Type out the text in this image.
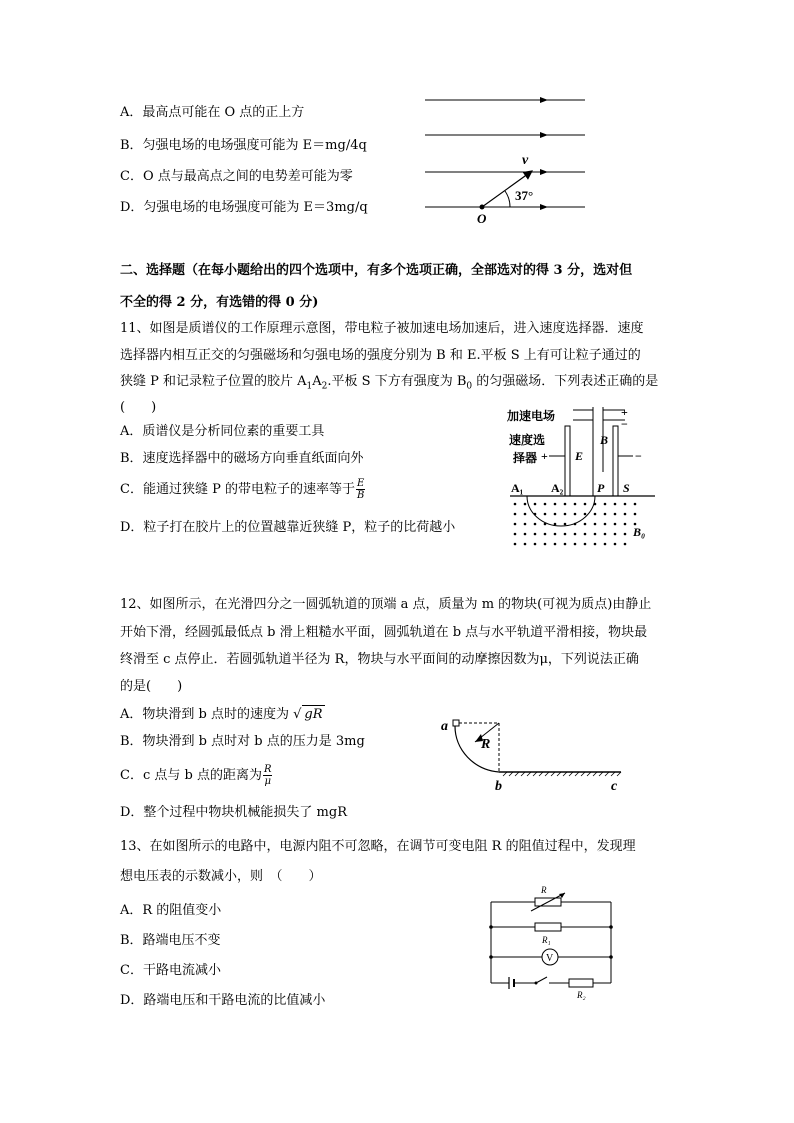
A．最高点可能在 O 点的正上方
B．匀强电场的电场强度可能为 E＝mg/4q
C．O 点与最高点之间的电势差可能为零
D．匀强电场的电场强度可能为 E＝3mg/q
v
37°
O
二、选择题（在每小题给出的四个选项中，有多个选项正确，全部选对的得 3 分，选对但
不全的得 2 分，有选错的得 0 分)
11、如图是质谱仪的工作原理示意图，带电粒子被加速电场加速后，进入速度选择器．速度
选择器内相互正交的匀强磁场和匀强电场的强度分别为 B 和 E.平板 S 上有可让粒子通过的
狭缝 P 和记录粒子位置的胶片 $A_1A_2$.平板 S 下方有强度为 $B_0$ 的匀强磁场．下列表述正确的是
(　　)
A．质谱仪是分析同位素的重要工具
B．速度选择器中的磁场方向垂直纸面向外
C．能通过狭缝 P 的带电粒子的速率等于 $\frac{E}{B}$
D．粒子打在胶片上的位置越靠近狭缝 P，粒子的比荷越小
加速电场	+
−
速度选
择器 +	−
E
B
A₁ A₂	P S
B₀
12、如图所示，在光滑四分之一圆弧轨道的顶端 a 点，质量为 m 的物块(可视为质点)由静止
开始下滑，经圆弧最低点 b 滑上粗糙水平面，圆弧轨道在 b 点与水平轨道平滑相接，物块最
终滑至 c 点停止．若圆弧轨道半径为 R，物块与水平面间的动摩擦因数为μ，下列说法正确
的是(　　)
A．物块滑到 b 点时的速度为 √ gR
B．物块滑到 b 点时对 b 点的压力是 3mg
C．c 点与 b 点的距离为 $\frac{R}{\mu}$
D．整个过程中物块机械能损失了 mgR
a
R
b	c
13、在如图所示的电路中，电源内阻不可忽略，在调节可变电阻 R 的阻值过程中，发现理
想电压表的示数减小，则　（　　）
A．R 的阻值变小
B．路端电压不变
C．干路电流减小
D．路端电压和干路电流的比值减小
R
R₁
V
R₂
